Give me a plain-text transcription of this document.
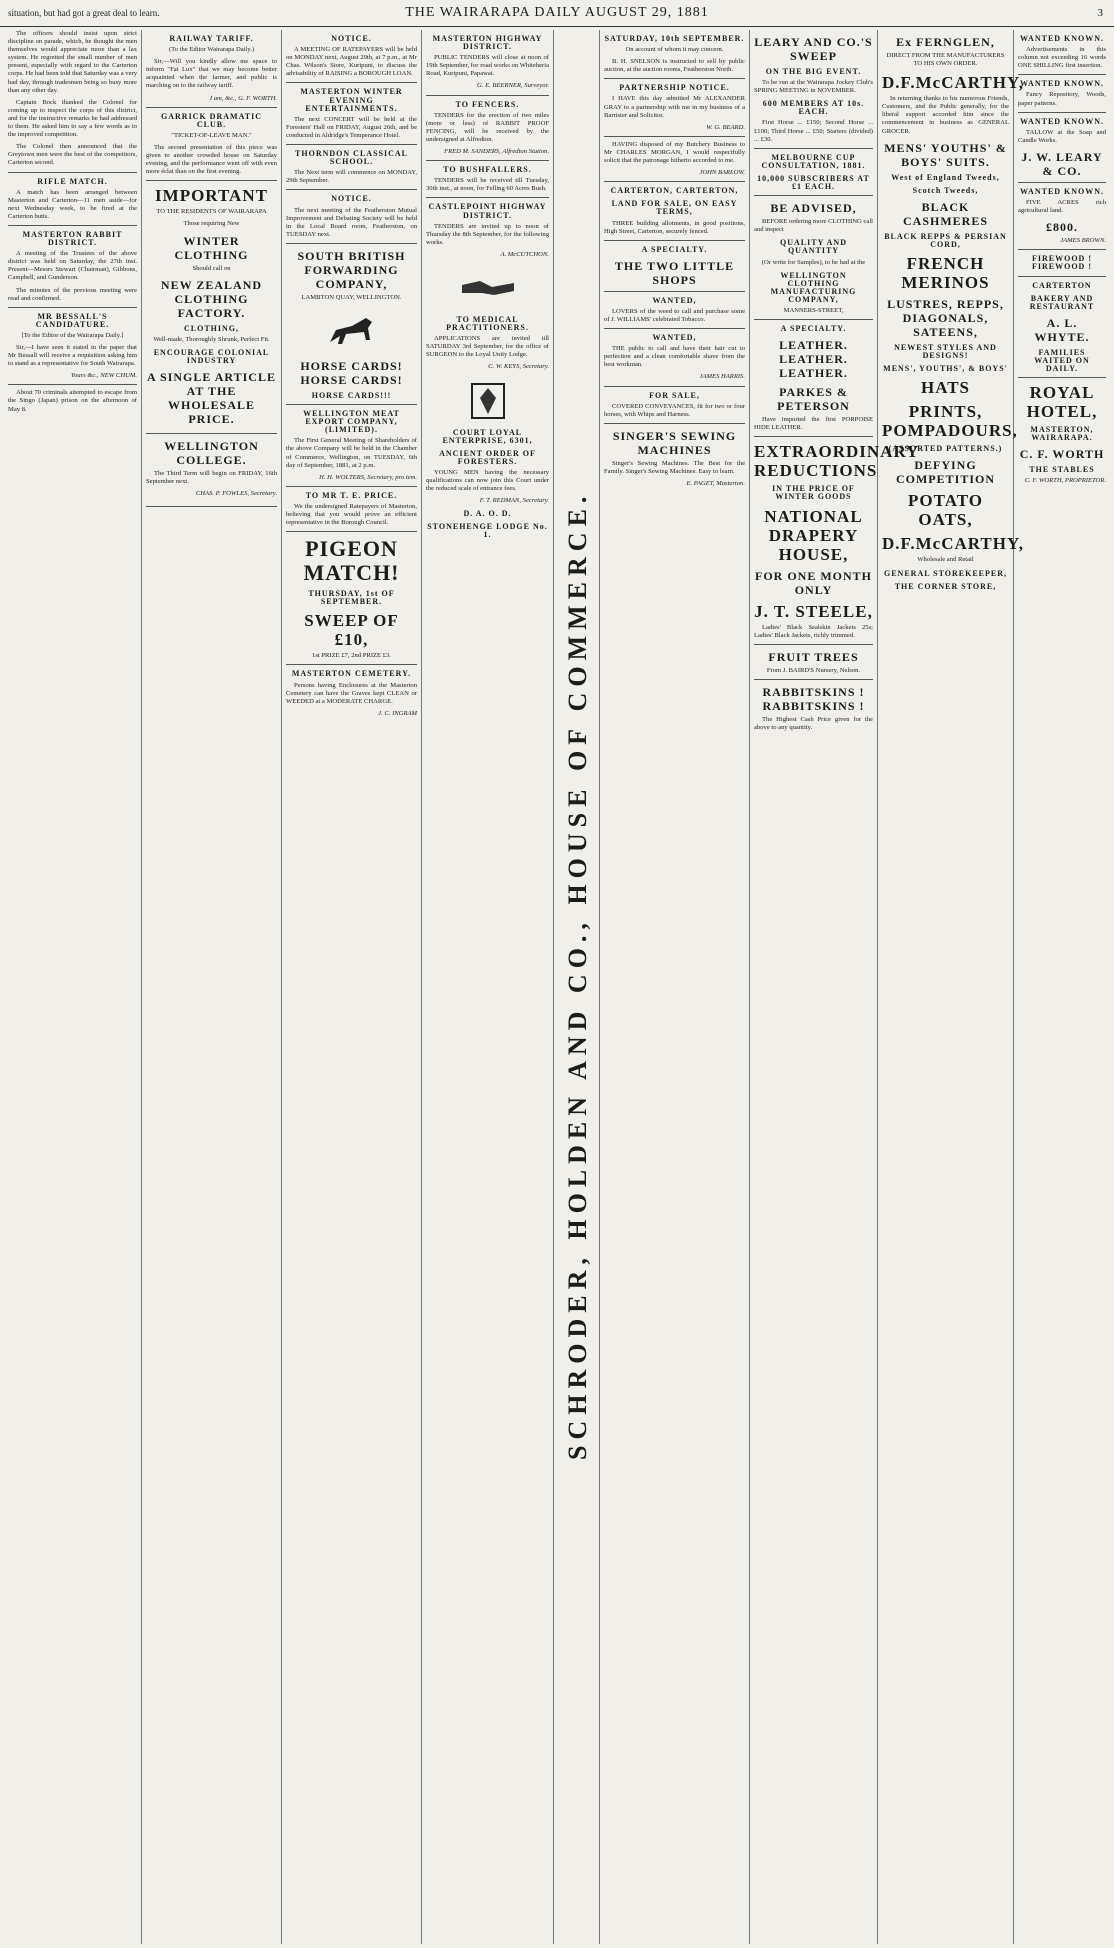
situation, but had got a great deal to learn.	THE WAIRARAPA DAILY AUGUST 29, 1881	3

The officers should insist upon strict discipline on parade, which, he thought the men themselves would appreciate more than a lax system. He regretted the small number of men present, especially with regard to the Carterton corps. He had been told that Saturday was a very bad day, through tradesmen being so busy more than any other day.

Captain Bock thanked the Colonel for coming up to inspect the corps of this district, and for the instructive remarks he had addressed to them. He asked him to say a few words as to the improved competition.

The Colonel then announced that the Greytown men were the best of the competitors, Carterton second.

RIFLE MATCH.

A match has been arranged between Masterton and Carterton—11 men aside—for next Wednesday week, to be fired at the Carterton butts.

MASTERTON RABBIT DISTRICT.

A meeting of the Trustees of the above district was held on Saturday, the 27th inst. Present—Messrs Stewart (Chairman), Gibbons, Campbell, and Gunderson.

The minutes of the previous meeting were read and confirmed.

MR BESSALL'S CANDIDATURE.

[To the Editor of the Wairarapa Daily.]

Sir,—I have seen it stated in the paper that Mr Bessall will receive a requisition asking him to stand as a representative for South Wairarapa.

Yours &c., NEW CHUM.

About 70 criminals attempted to escape from the Singo (Japan) prison on the afternoon of May 8.

RAILWAY TARIFF.

(To the Editor Wairarapa Daily.)

Sir,—Will you kindly allow me space to inform "Fat Lux" that we may become better acquainted when the farmer, and public is marching on to the railway tariff.

I am, &c., G. F. WORTH.

GARRICK DRAMATIC CLUB.

"TICKET-OF-LEAVE MAN."

The second presentation of this piece was given to another crowded house on Saturday evening, and the performance went off with even more éclat than on the first evening.

IMPORTANT

TO THE RESIDENTS OF WAIRARAPA

Those requiring New

WINTER CLOTHING

Should call on

NEW ZEALAND CLOTHING FACTORY.
CLOTHING,

Well-made, Thoroughly Shrunk, Perfect Fit.

ENCOURAGE COLONIAL INDUSTRY
A SINGLE ARTICLE AT THE WHOLESALE PRICE.
WELLINGTON COLLEGE.

The Third Term will begin on FRIDAY, 16th September next.

CHAS. P. FOWLES, Secretary.

NOTICE.

A MEETING OF RATEPAYERS will be held on MONDAY next, August 29th, at 7 p.m., at Mr Chas. Wilson's Store, Kuripuni, to discuss the advisability of RAISING a BOROUGH LOAN.

MASTERTON WINTER EVENING ENTERTAINMENTS.

The next CONCERT will be held at the Foresters' Hall on FRIDAY, August 26th, and be conducted in Aldridge's Temperance Hotel.

THORNDON CLASSICAL SCHOOL.

The Next term will commence on MONDAY, 29th September.

NOTICE.

The next meeting of the Featherston Mutual Improvement and Debating Society will be held in the Local Board room, Featherston, on TUESDAY next.

SOUTH BRITISH FORWARDING COMPANY,

LAMBTON QUAY, WELLINGTON.

HORSE CARDS! HORSE CARDS!
HORSE CARDS!!!
WELLINGTON MEAT EXPORT COMPANY, (LIMITED).

The First General Meeting of Shareholders of the above Company will be held in the Chamber of Commerce, Wellington, on TUESDAY, 6th day of September, 1881, at 2 p.m.

H. H. WOLTERS, Secretary, pro tem.

TO MR T. E. PRICE.

We the undersigned Ratepayers of Masterton, believing that you would prove an efficient representative in the Borough Council.

PIGEON MATCH!
THURSDAY, 1st OF SEPTEMBER.
SWEEP OF £10,

1st PRIZE £7, 2nd PRIZE £3.

MASTERTON CEMETERY.

Persons having Enclosures at the Masterton Cemetery can have the Graves kept CLEAN or WEEDED at a MODERATE CHARGE.

J. C. INGRAM

MASTERTON HIGHWAY DISTRICT.

PUBLIC TENDERS will close at noon of 19th September, for road works on Whiteheria Road, Kuripuni, Papawai.

G. E. BEERNER, Surveyor.

TO FENCERS.

TENDERS for the erection of two miles (more or less) of RABBIT PROOF FENCING, will be received by the undersigned at Alfredton.

FRED M. SANDERS, Alfredton Station.

TO BUSHFALLERS.

TENDERS will be received till Tuesday, 30th inst., at noon, for Felling 60 Acres Bush.

CASTLEPOINT HIGHWAY DISTRICT.

TENDERS are invited up to noon of Thursday the 8th September, for the following works.

A. McCUTCHON.

TO MEDICAL PRACTITIONERS.

APPLICATIONS are invited till SATURDAY 3rd September, for the office of SURGEON to the Loyal Unity Lodge.

C. W. KEYS, Secretary.

COURT LOYAL ENTERPRISE, 6301,
ANCIENT ORDER OF FORESTERS.

YOUNG MEN having the necessary qualifications can now join this Court under the reduced scale of entrance fees.

F. T. REDMAN, Secretary.

D. A. O. D.
STONEHENGE LODGE No. 1.	SCHRODER, HOLDEN AND CO., HOUSE OF COMMERCE.
SATURDAY, 10th SEPTEMBER.

On account of whom it may concern.

B. H. SNELSON is instructed to sell by public auction, at the auction rooms, Featherston North.

PARTNERSHIP NOTICE.

I HAVE this day admitted Mr ALEXANDER GRAY to a partnership with me in my business of a Barrister and Solicitor.

W. G. BEARD.

HAVING disposed of my Butchery Business to Mr CHARLES MORGAN, I would respectfully solicit that the patronage hitherto accorded to me.

JOHN BARLOW.

CARTERTON, CARTERTON,
LAND FOR SALE, ON EASY TERMS,

THREE building allotments, in good positions, High Street, Carterton, securely fenced.

A SPECIALTY.
THE TWO LITTLE SHOPS
WANTED,

LOVERS of the weed to call and purchase some of J. WILLIAMS' celebrated Tobacco.

WANTED,

THE public to call and have their hair cut to perfection and a clean comfortable shave from the best workman.

JAMES HARRIS.

FOR SALE,

COVERED CONVEYANCES, fit for two or four horses, with Whips and Harness.

SINGER'S SEWING MACHINES

Singer's Sewing Machines. The Best for the Family. Singer's Sewing Machines. Easy to learn.

E. PAGET, Masterton.

LEARY AND CO.'S SWEEP
ON THE BIG EVENT.

To be run at the Wairarapa Jockey Club's SPRING MEETING in NOVEMBER.

600 MEMBERS AT 10s. EACH.

First Horse ... £150; Second Horse ... £100; Third Horse ... £50; Starters (divided) ... £30.

MELBOURNE CUP CONSULTATION, 1881.
10,000 SUBSCRIBERS AT £1 EACH.
BE ADVISED,

BEFORE ordering more CLOTHING call and inspect

QUALITY AND QUANTITY

(Or write for Samples), to be had at the

WELLINGTON CLOTHING MANUFACTURING COMPANY,

MANNERS-STREET,

A SPECIALTY.
LEATHER. LEATHER. LEATHER.
PARKES & PETERSON

Have imported the first PORPOISE HIDE LEATHER.

EXTRAORDINARY REDUCTIONS
IN THE PRICE OF WINTER GOODS
NATIONAL DRAPERY HOUSE,
FOR ONE MONTH ONLY
J. T. STEELE,

Ladies' Black Sealskin Jackets 25s; Ladies' Black Jackets, richly trimmed.

FRUIT TREES

From J. BAIRD'S Nursery, Nelson.

RABBITSKINS ! RABBITSKINS !

The Highest Cash Price given for the above to any quantity.

Ex FERNGLEN,

DIRECT FROM THE MANUFACTURERS TO HIS OWN ORDER.

D.F.McCARTHY,

In returning thanks to his numerous Friends, Customers, and the Public generally, for the liberal support accorded him since the commencement in business as GENERAL GROCER.

MENS' YOUTHS' & BOYS' SUITS.
West of England Tweeds,
Scotch Tweeds,
BLACK CASHMERES
BLACK REPPS & PERSIAN CORD,
FRENCH MERINOS
LUSTRES, REPPS, DIAGONALS, SATEENS,
NEWEST STYLES AND DESIGNS!
MENS', YOUTHS', & BOYS'
HATS
PRINTS, POMPADOURS,
(ASSORTED PATTERNS.)
DEFYING COMPETITION
POTATO OATS,
D.F.McCARTHY,

Wholesale and Retail

GENERAL STOREKEEPER,
THE CORNER STORE,
WANTED KNOWN.

Advertisements in this column not exceeding 16 words ONE SHILLING first insertion.

WANTED KNOWN.

Fancy Repository, Woods, paper patterns.

WANTED KNOWN.

TALLOW at the Soap and Candle Works.

J. W. LEARY & CO.
WANTED KNOWN.

FIVE ACRES rich agricultural land.

£800.

JAMES BROWN.

FIREWOOD ! FIREWOOD !
CARTERTON
BAKERY AND RESTAURANT
A. L. WHYTE.
FAMILIES WAITED ON DAILY.
ROYAL HOTEL,
MASTERTON, WAIRARAPA.
C. F. WORTH
THE STABLES

C. F. WORTH, PROPRIETOR.
